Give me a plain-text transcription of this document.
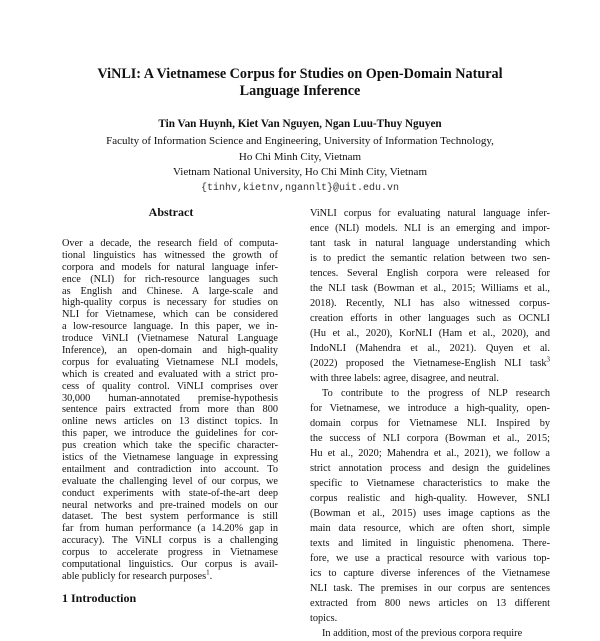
ViNLI: A Vietnamese Corpus for Studies on Open-Domain Natural
Language Inference
Tin Van Huynh, Kiet Van Nguyen, Ngan Luu-Thuy Nguyen
Faculty of Information Science and Engineering, University of Information Technology,
Ho Chi Minh City, Vietnam
Vietnam National University, Ho Chi Minh City, Vietnam
{tinhv,kietnv,ngannlt}@uit.edu.vn
Abstract
Over a decade, the research field of computa-
tional linguistics has witnessed the growth of
corpora and models for natural language infer-
ence (NLI) for rich-resource languages such
as English and Chinese. A large-scale and
high-quality corpus is necessary for studies on
NLI for Vietnamese, which can be considered
a low-resource language. In this paper, we in-
troduce ViNLI (Vietnamese Natural Language
Inference), an open-domain and high-quality
corpus for evaluating Vietnamese NLI models,
which is created and evaluated with a strict pro-
cess of quality control. ViNLI comprises over
30,000 human-annotated premise-hypothesis
sentence pairs extracted from more than 800
online news articles on 13 distinct topics. In
this paper, we introduce the guidelines for cor-
pus creation which take the specific character-
istics of the Vietnamese language in expressing
entailment and contradiction into account. To
evaluate the challenging level of our corpus, we
conduct experiments with state-of-the-art deep
neural networks and pre-trained models on our
dataset. The best system performance is still
far from human performance (a 14.20% gap in
accuracy). The ViNLI corpus is a challenging
corpus to accelerate progress in Vietnamese
computational linguistics. Our corpus is avail-
able publicly for research purposes$^1$.
1 Introduction
ViNLI corpus for evaluating natural language infer-
ence (NLI) models. NLI is an emerging and impor-
tant task in natural language understanding which
is to predict the semantic relation between two sen-
tences. Several English corpora were released for
the NLI task (Bowman et al., 2015; Williams et al.,
2018). Recently, NLI has also witnessed corpus-
creation efforts in other languages such as OCNLI
(Hu et al., 2020), KorNLI (Ham et al., 2020), and
IndoNLI (Mahendra et al., 2021). Quyen et al.
(2022) proposed the Vietnamese-English NLI task$^3$
with three labels: agree, disagree, and neutral.
To contribute to the progress of NLP research
for Vietnamese, we introduce a high-quality, open-
domain corpus for Vietnamese NLI. Inspired by
the success of NLI corpora (Bowman et al., 2015;
Hu et al., 2020; Mahendra et al., 2021), we follow a
strict annotation process and design the guidelines
specific to Vietnamese characteristics to make the
corpus realistic and high-quality. However, SNLI
(Bowman et al., 2015) uses image captions as the
main data resource, which are often short, simple
texts and limited in linguistic phenomena. There-
fore, we use a practical resource with various top-
ics to capture diverse inferences of the Vietnamese
NLI task. The premises in our corpus are sentences
extracted from 800 news articles on 13 different
topics.
In addition, most of the previous corpora require
